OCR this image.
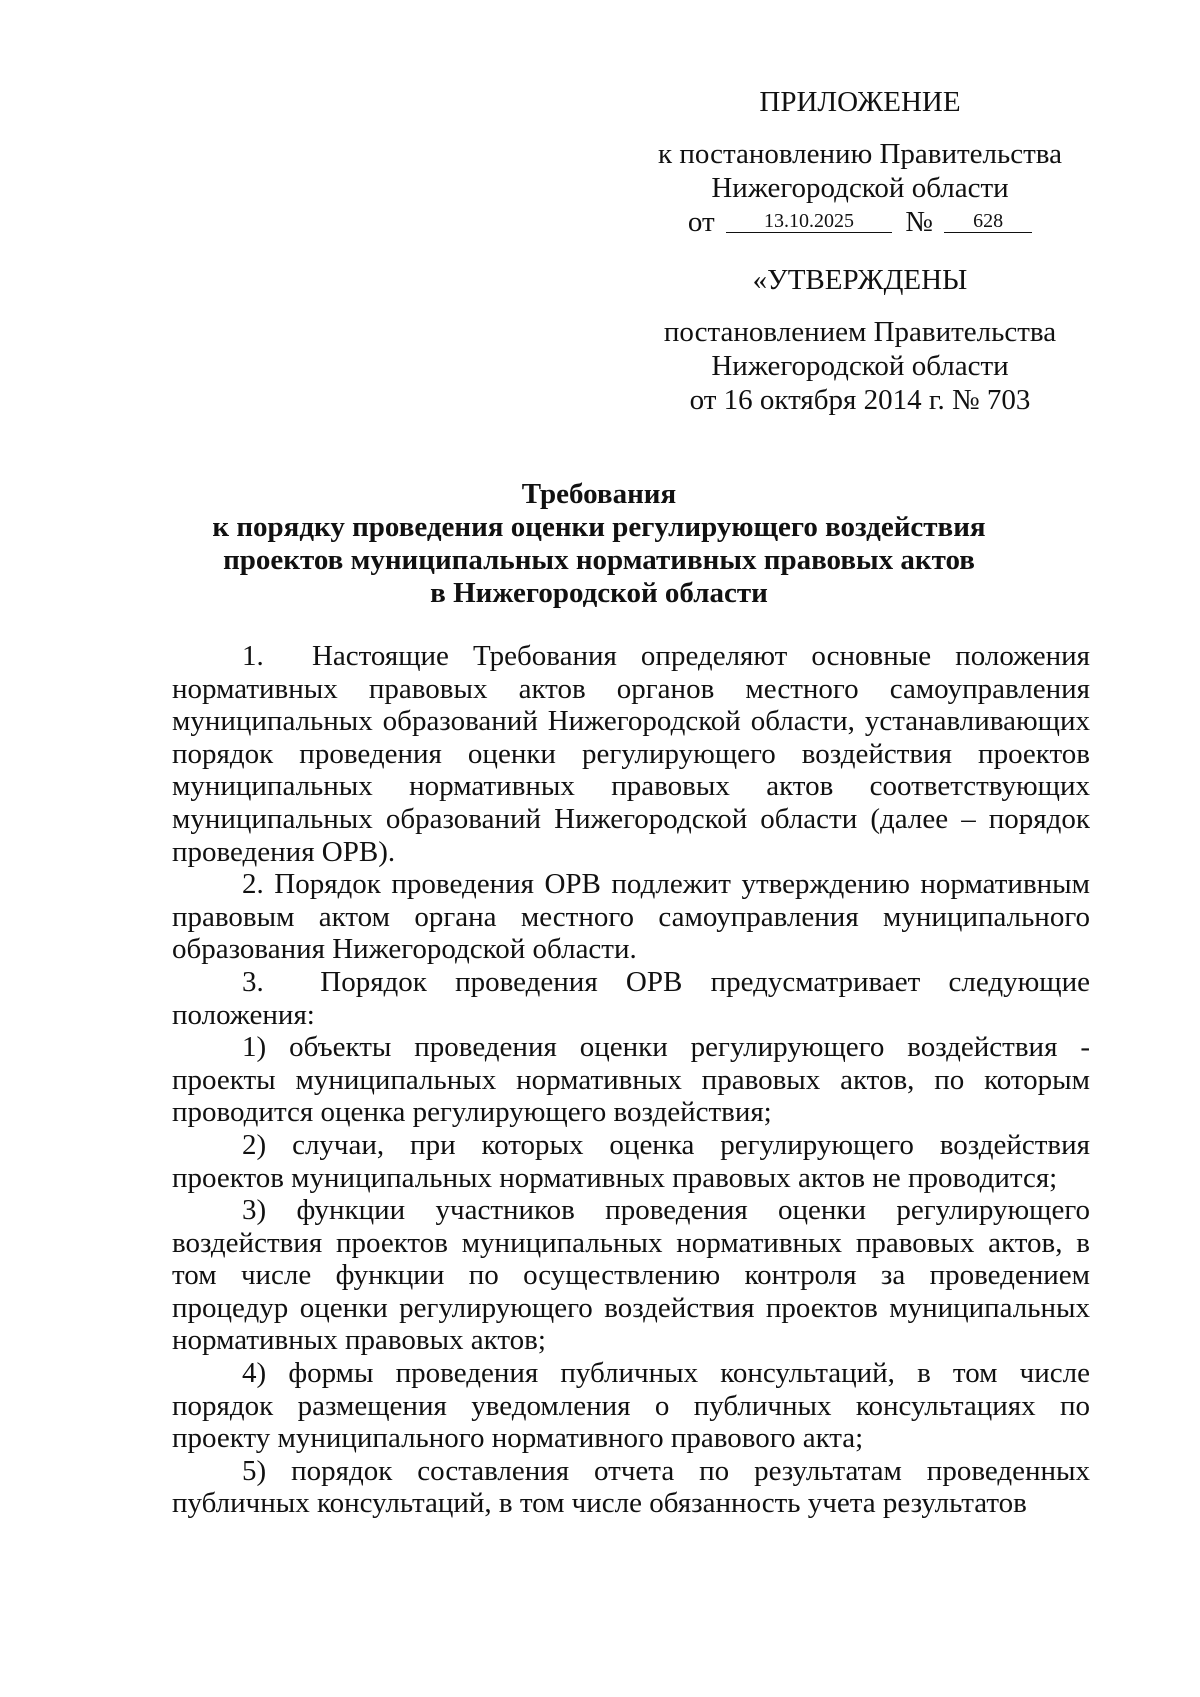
ПРИЛОЖЕНИЕ
к постановлению Правительства
Нижегородской области
от 13.10.2025 № 628
«УТВЕРЖДЕНЫ
постановлением Правительства
Нижегородской области
от 16 октября 2014 г. № 703
Требования
к порядку проведения оценки регулирующего воздействия
проектов муниципальных нормативных правовых актов
в Нижегородской области

1.  Настоящие Требования определяют основные положения нормативных правовых актов органов местного самоуправления муниципальных образований Нижегородской области, устанавливающих порядок проведения оценки регулирующего воздействия проектов муниципальных нормативных правовых актов соответствующих муниципальных образований Нижегородской области (далее – порядок проведения ОРВ).

2. Порядок проведения ОРВ подлежит утверждению нормативным правовым актом органа местного самоуправления муниципального образования Нижегородской области.

3.  Порядок проведения ОРВ предусматривает следующие положения:

1) объекты проведения оценки регулирующего воздействия - проекты муниципальных нормативных правовых актов, по которым проводится оценка регулирующего воздействия;

2) случаи, при которых оценка регулирующего воздействия проектов муниципальных нормативных правовых актов не проводится;

3) функции участников проведения оценки регулирующего воздействия проектов муниципальных нормативных правовых актов, в том числе функции по осуществлению контроля за проведением процедур оценки регулирующего воздействия проектов муниципальных нормативных правовых актов;

4) формы проведения публичных консультаций, в том числе порядок размещения уведомления о публичных консультациях по проекту муниципального нормативного правового акта;

5) порядок составления отчета по результатам проведенных публичных консультаций, в том числе обязанность учета результатов
